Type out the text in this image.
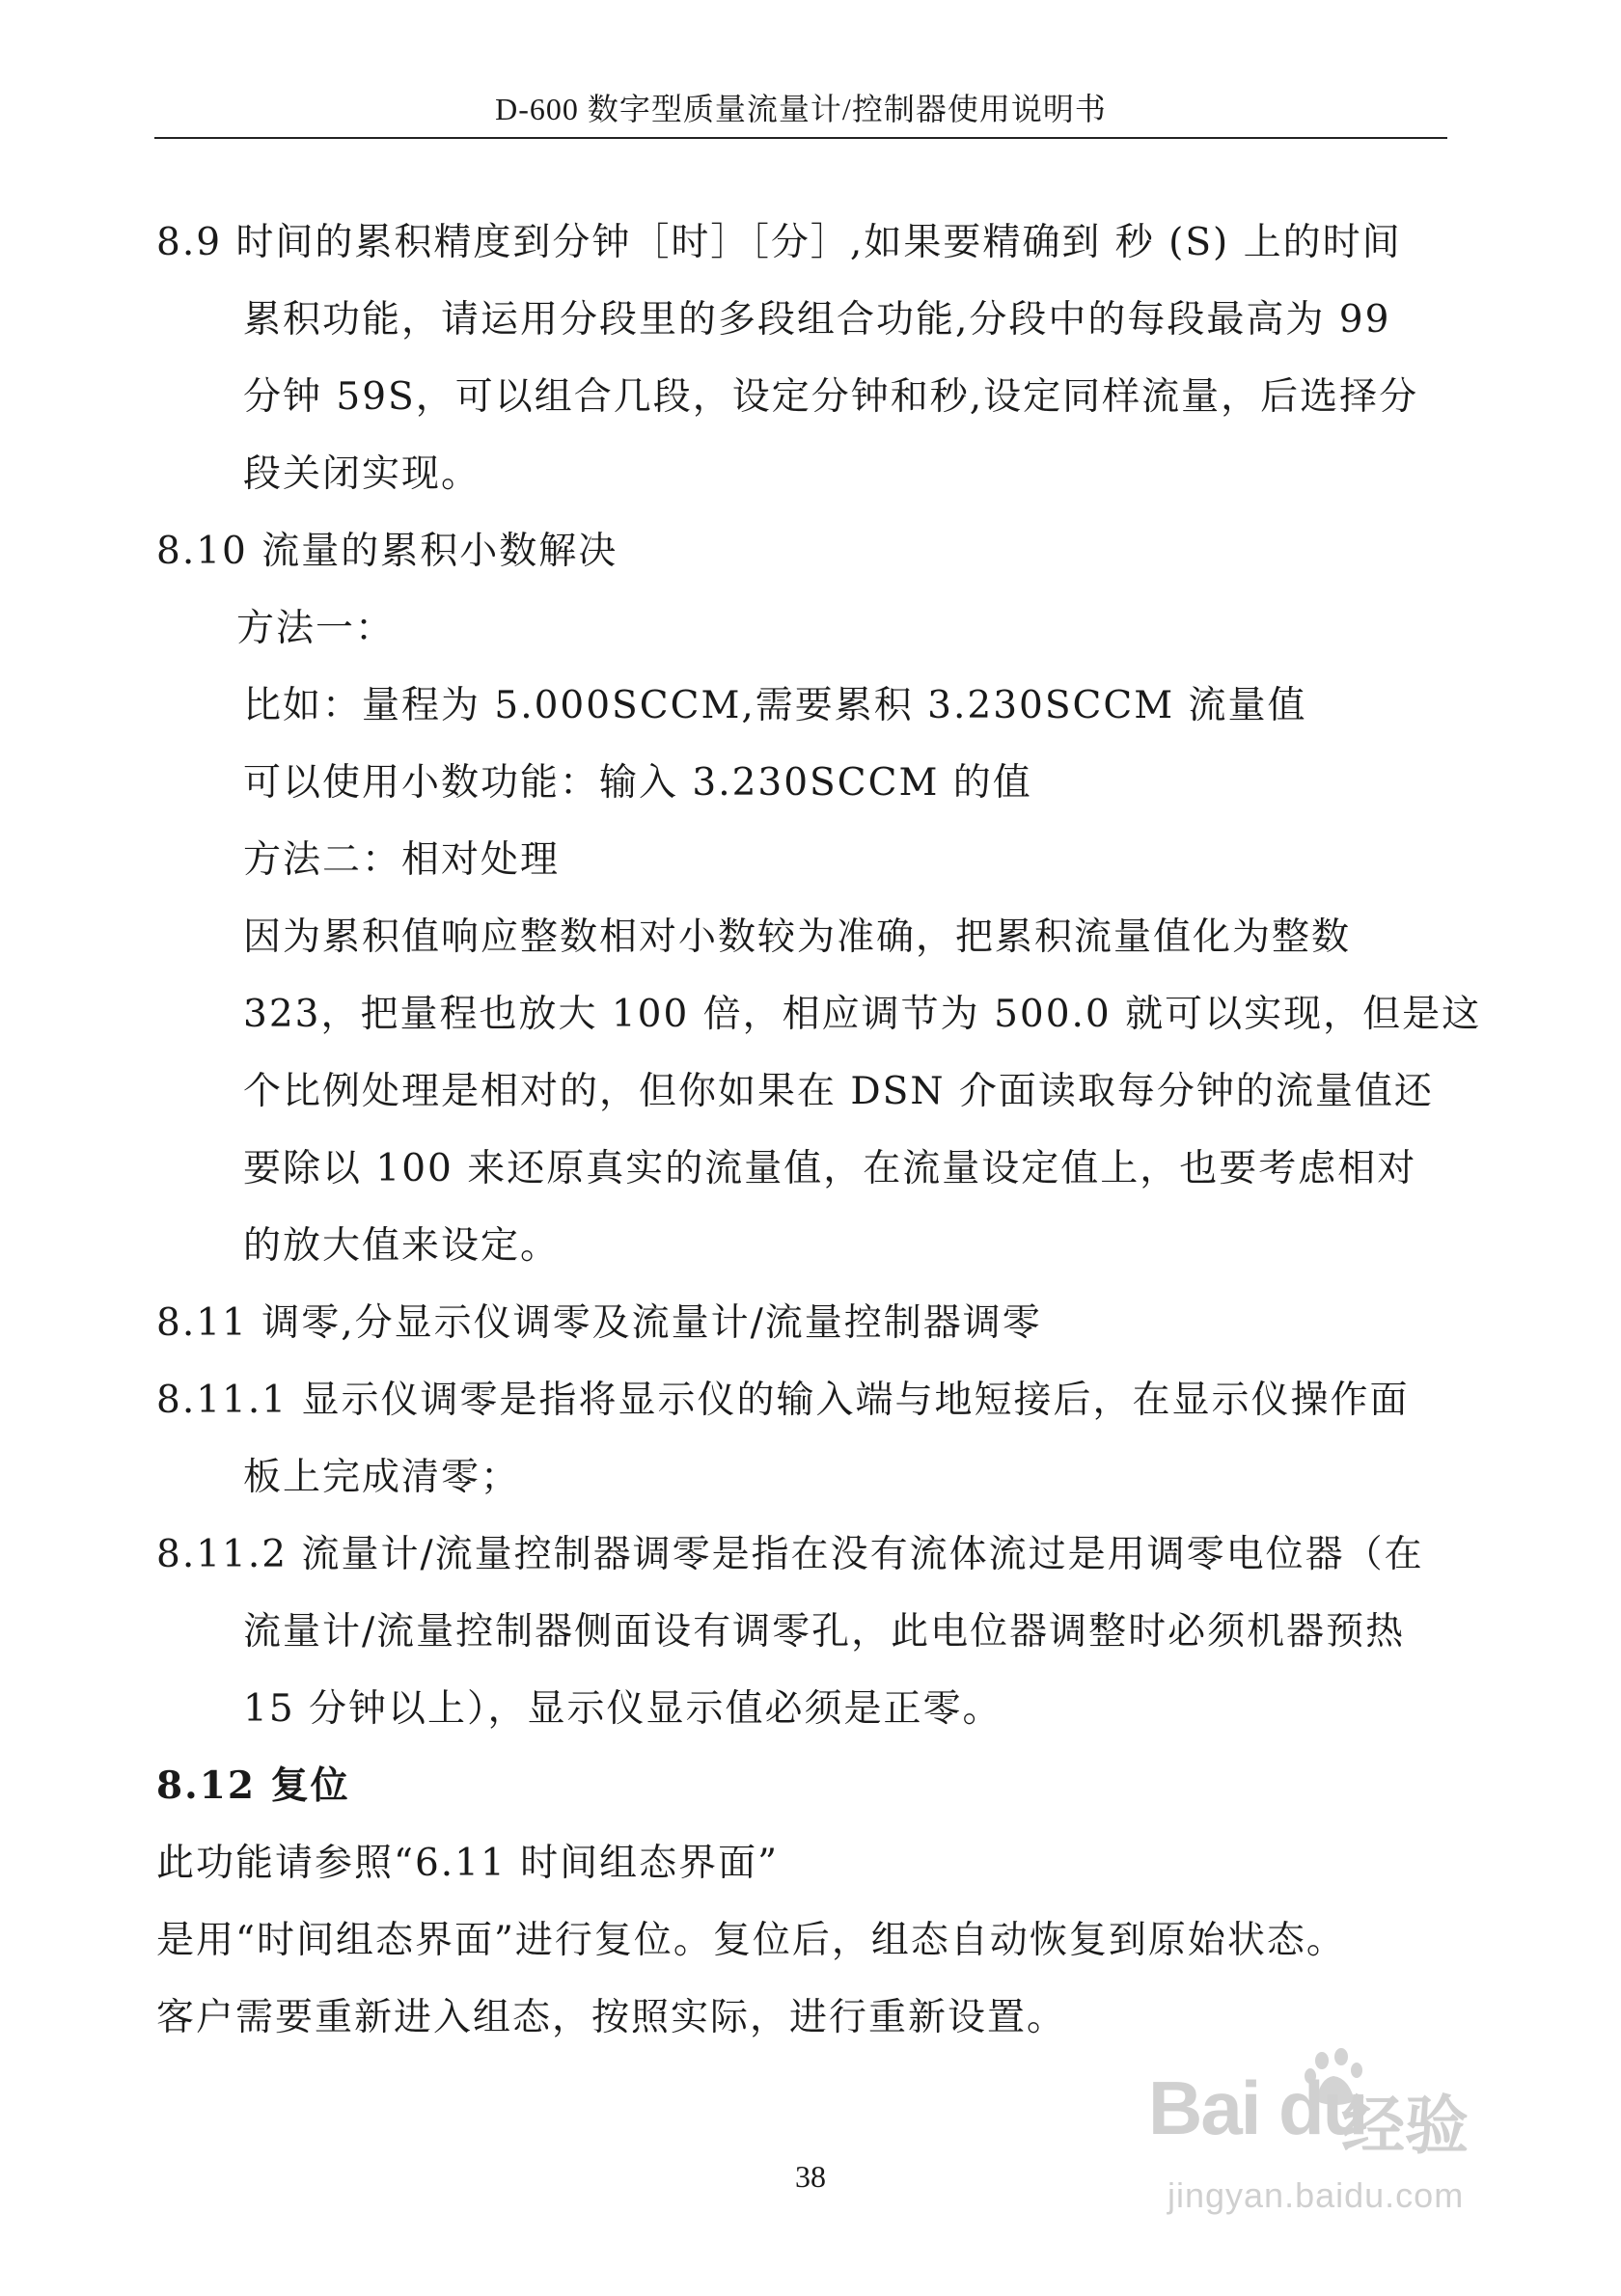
D-600 数字型质量流量计/控制器使用说明书
8.9 时间的累积精度到分钟［时］［分］,如果要精确到 秒 (S) 上的时间
累积功能，请运用分段里的多段组合功能,分段中的每段最高为 99
分钟 59S，可以组合几段，设定分钟和秒,设定同样流量，后选择分
段关闭实现。
8.10 流量的累积小数解决
方法一：
比如：量程为 5.000SCCM,需要累积 3.230SCCM 流量值
可以使用小数功能：输入 3.230SCCM 的值
方法二：相对处理
因为累积值响应整数相对小数较为准确，把累积流量值化为整数
323，把量程也放大 100 倍，相应调节为 500.0 就可以实现，但是这
个比例处理是相对的，但你如果在 DSN 介面读取每分钟的流量值还
要除以 100 来还原真实的流量值，在流量设定值上，也要考虑相对
的放大值来设定。
8.11 调零,分显示仪调零及流量计/流量控制器调零
8.11.1 显示仪调零是指将显示仪的输入端与地短接后，在显示仪操作面
板上完成清零；
8.11.2 流量计/流量控制器调零是指在没有流体流过是用调零电位器（在
流量计/流量控制器侧面设有调零孔，此电位器调整时必须机器预热
15 分钟以上），显示仪显示值必须是正零。
8.12 复位
此功能请参照“6.11 时间组态界面”
是用“时间组态界面”进行复位。复位后，组态自动恢复到原始状态。
客户需要重新进入组态，按照实际，进行重新设置。
Bai du
经验
jingyan.baidu.com
38
